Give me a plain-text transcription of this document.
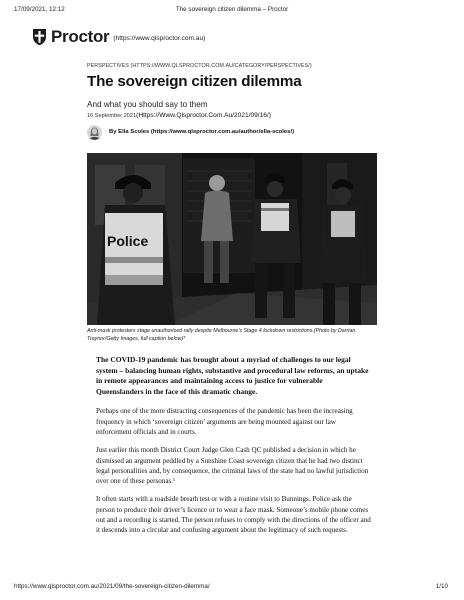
17/09/2021, 12:12	The sovereign citizen dilemma – Proctor
Proctor (https://www.qlsproctor.com.au)
PERSPECTIVES (HTTPS://WWW.QLSPROCTOR.COM.AU/CATEGORY/PERSPECTIVES/)
The sovereign citizen dilemma
And what you should say to them
16 September 2021(Https://Www.Qlsproctor.Com.Au/2021/09/16/)
By Ella Scoles (https://www.qlsproctor.com.au/author/ella-scoles/)
Police
Anti-mask protesters stage unauthorised rally despite Melbourne's Stage 4 lockdown restrictions.(Photo by Darrian Traynor/Getty Images, full caption below)*

The COVID-19 pandemic has brought about a myriad of challenges to our legal system – balancing human rights, substantive and procedural law reforms, an uptake in remote appearances and maintaining access to justice for vulnerable Queenslanders in the face of this dramatic change.

Perhaps one of the more distracting consequences of the pandemic has been the increasing frequency in which ‘sovereign citizen’ arguments are being mounted against our law enforcement officials and in courts.

Just earlier this month District Court Judge Glen Cash QC published a decision in which he dismissed an argument peddled by a Sunshine Coast sovereign citizen that he had two distinct legal personalities and, by consequence, the criminal laws of the state had no lawful jurisdiction over one of these personas.¹

It often starts with a roadside breath test or with a routine visit to Bunnings. Police ask the person to produce their driver’s licence or to wear a face mask. Someone’s mobile phone comes out and a recording is started. The person refuses to comply with the directions of the officer and it descends into a circular and confusing argument about the legitimacy of such requests.

https://www.qlsproctor.com.au/2021/09/the-sovereign-citizen-dilemma/	1/10
